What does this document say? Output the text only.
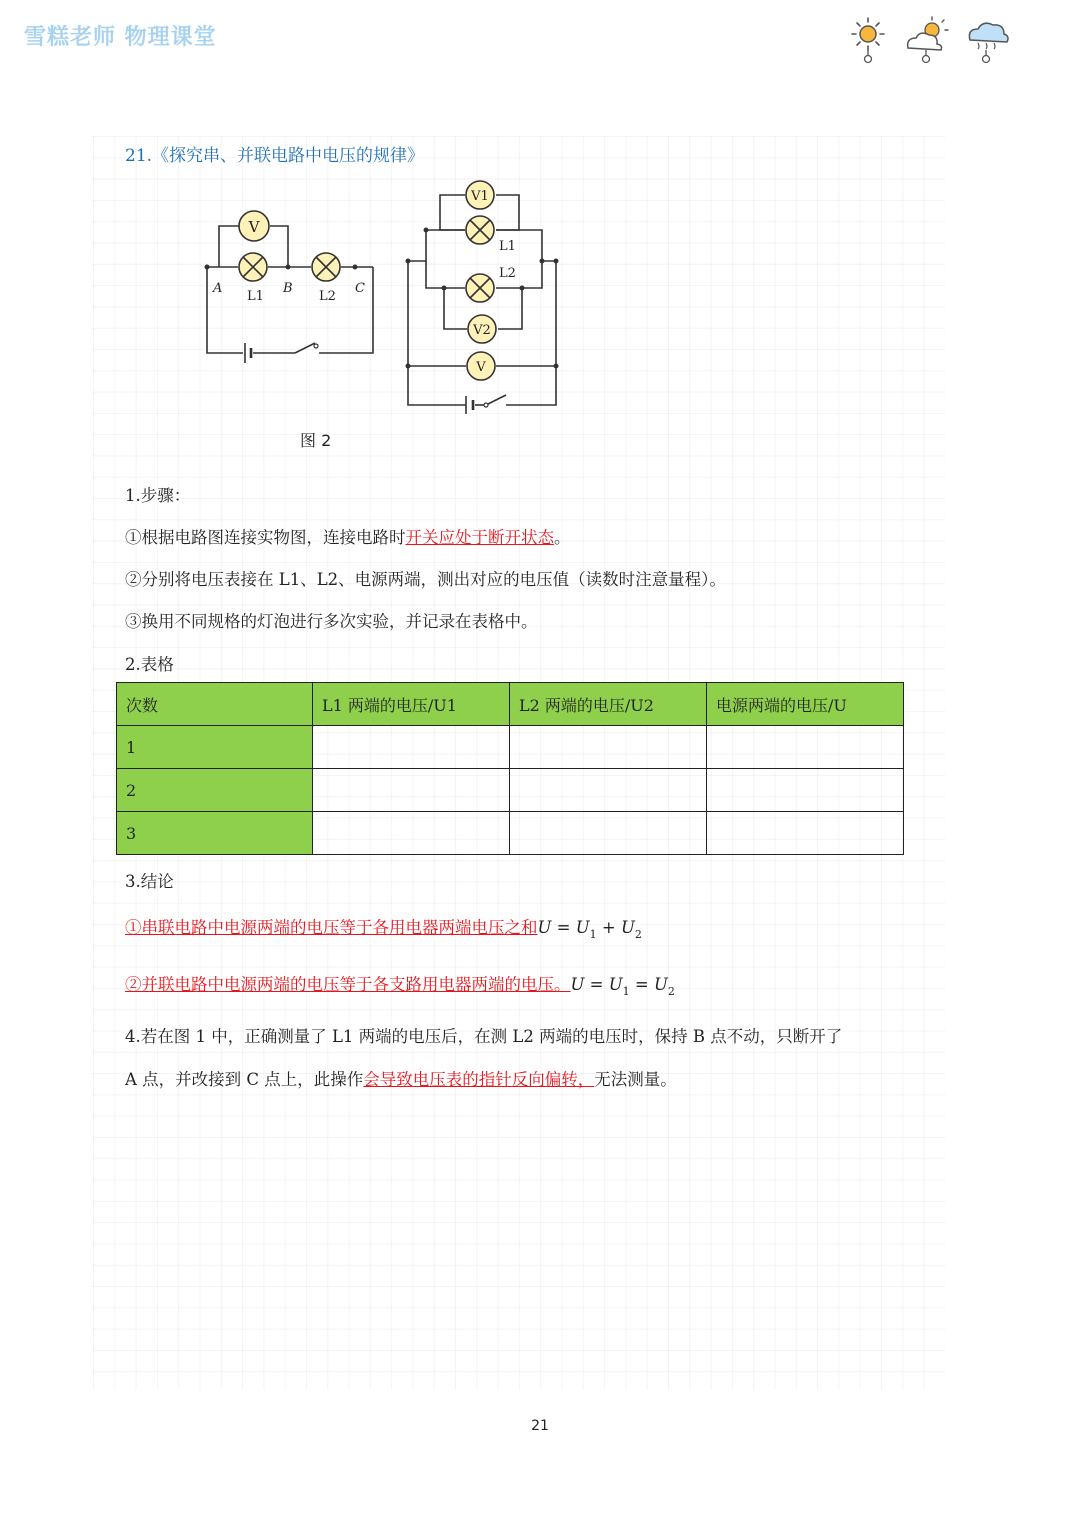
雪糕老师 物理课堂
21.《探究串、并联电路中电压的规律》
V
A	B	C
L1	L2
V1
V2
V
L1
L2
图 2
1.步骤：
①根据电路图连接实物图，连接电路时开关应处于断开状态。
②分别将电压表接在 L1、L2、电源两端，测出对应的电压值（读数时注意量程）。
③换用不同规格的灯泡进行多次实验，并记录在表格中。
2.表格
次数	L1 两端的电压/U1	L2 两端的电压/U2	电源两端的电压/U
1			
2			
3			
3.结论
①串联电路中电源两端的电压等于各用电器两端电压之和$U = U_1 + U_2$
②并联电路中电源两端的电压等于各支路用电器两端的电压。$U = U_1 = U_2$
4.若在图 1 中，正确测量了 L1 两端的电压后，在测 L2 两端的电压时，保持 B 点不动，只断开了
A 点，并改接到 C 点上，此操作会导致电压表的指针反向偏转，无法测量。
21
